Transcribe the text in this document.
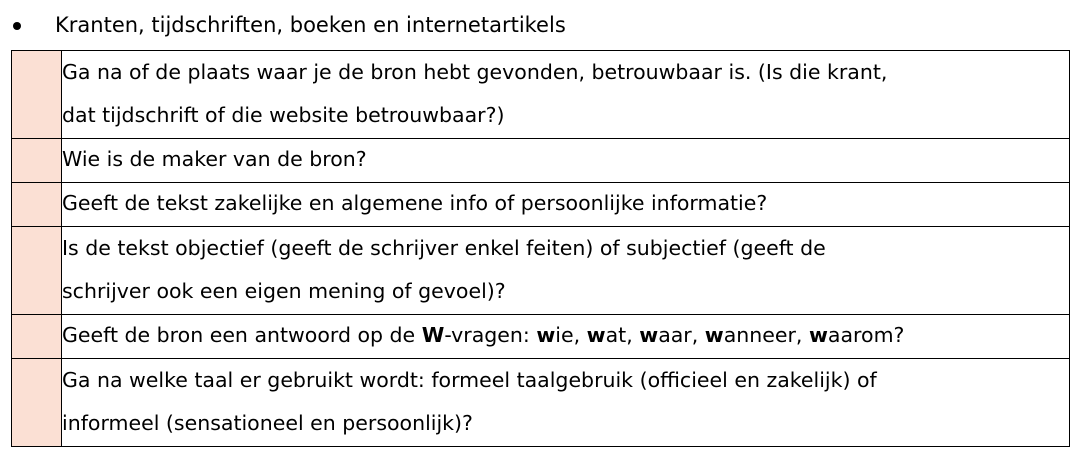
Kranten, tijdschriften, boeken en internetartikels

	Ga na of de plaats waar je de bron hebt gevonden, betrouwbaar is. (Is die krant,
dat tijdschrift of die website betrouwbaar?)

	Wie is de maker van de bron?

	Geeft de tekst zakelijke en algemene info of persoonlijke informatie?

	Is de tekst objectief (geeft de schrijver enkel feiten) of subjectief (geeft de
schrijver ook een eigen mening of gevoel)?

	Geeft de bron een antwoord op de W-vragen: wie, wat, waar, wanneer, waarom?

	Ga na welke taal er gebruikt wordt: formeel taalgebruik (officieel en zakelijk) of
informeel (sensationeel en persoonlijk)?
